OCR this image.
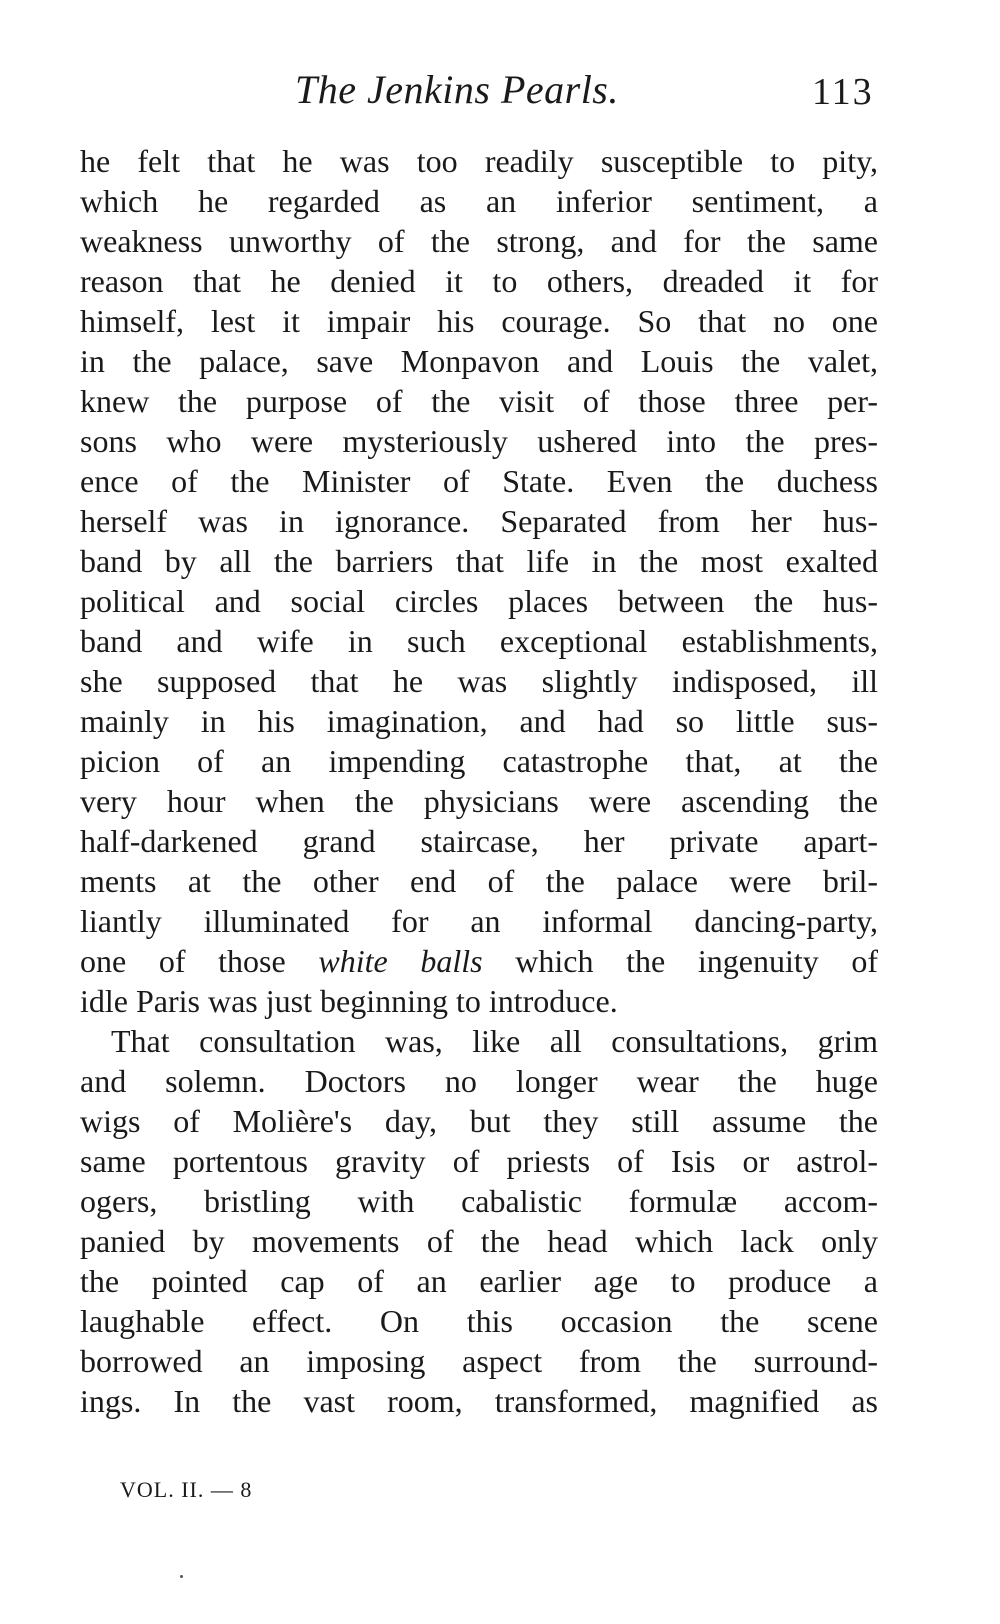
The Jenkins Pearls.	113
he felt that he was too readily susceptible to pity,
which he regarded as an inferior sentiment, a
weakness unworthy of the strong, and for the same
reason that he denied it to others, dreaded it for
himself, lest it impair his courage. So that no one
in the palace, save Monpavon and Louis the valet,
knew the purpose of the visit of those three per-
sons who were mysteriously ushered into the pres-
ence of the Minister of State. Even the duchess
herself was in ignorance. Separated from her hus-
band by all the barriers that life in the most exalted
political and social circles places between the hus-
band and wife in such exceptional establishments,
she supposed that he was slightly indisposed, ill
mainly in his imagination, and had so little sus-
picion of an impending catastrophe that, at the
very hour when the physicians were ascending the
half-darkened grand staircase, her private apart-
ments at the other end of the palace were bril-
liantly illuminated for an informal dancing-party,
one of those white balls which the ingenuity of
idle Paris was just beginning to introduce.
That consultation was, like all consultations, grim
and solemn. Doctors no longer wear the huge
wigs of Molière's day, but they still assume the
same portentous gravity of priests of Isis or astrol-
ogers, bristling with cabalistic formulæ accom-
panied by movements of the head which lack only
the pointed cap of an earlier age to produce a
laughable effect. On this occasion the scene
borrowed an imposing aspect from the surround-
ings. In the vast room, transformed, magnified as
VOL. II. — 8
